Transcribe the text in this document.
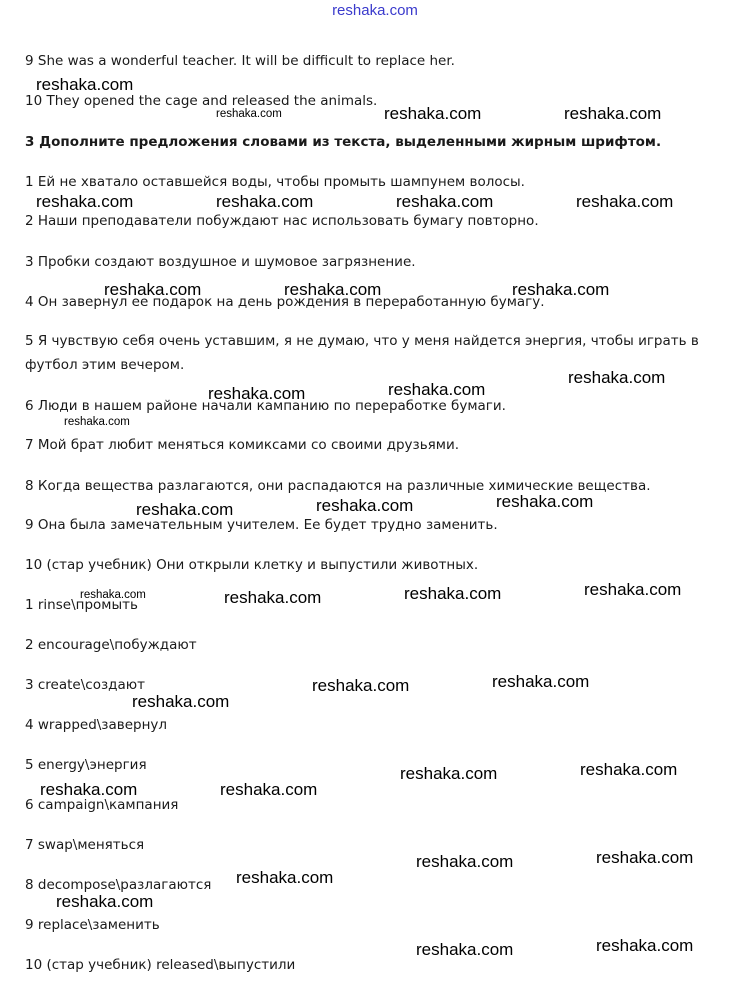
reshaka.com
9 She was a wonderful teacher. It will be difficult to replace her.
10 They opened the cage and released the animals.
3 Дополните предложения словами из текста, выделенными жирным шрифтом.
1 Ей не хватало оставшейся воды, чтобы промыть шампунем волосы.
2 Наши преподаватели побуждают нас использовать бумагу повторно.
3 Пробки создают воздушное и шумовое загрязнение.
4 Он завернул ее подарок на день рождения в переработанную бумагу.
5 Я чувствую себя очень уставшим, я не думаю, что у меня найдется энергия, чтобы играть в футбол этим вечером.
6 Люди в нашем районе начали кампанию по переработке бумаги.
7 Мой брат любит меняться комиксами со своими друзьями.
8 Когда вещества разлагаются, они распадаются на различные химические вещества.
9 Она была замечательным учителем. Ее будет трудно заменить.
10 (стар учебник) Они открыли клетку и выпустили животных.
1 rinse\промыть
2 encourage\побуждают
3 create\создают
4 wrapped\завернул
5 energy\энергия
6 campaign\кампания
7 swap\меняться
8 decompose\разлагаются
9 replace\заменить
10 (стар учебник) released\выпустили
reshaka.com
reshaka.com	reshaka.com	reshaka.com
reshaka.com	reshaka.com	reshaka.com	reshaka.com
reshaka.com	reshaka.com	reshaka.com
reshaka.com	reshaka.com
reshaka.com
reshaka.com
reshaka.com	reshaka.com	reshaka.com
reshaka.com	reshaka.com	reshaka.com	reshaka.com
reshaka.com
reshaka.com	reshaka.com
reshaka.com	reshaka.com
reshaka.com	reshaka.com
reshaka.com	reshaka.com
reshaka.com
reshaka.com
reshaka.com	reshaka.com
